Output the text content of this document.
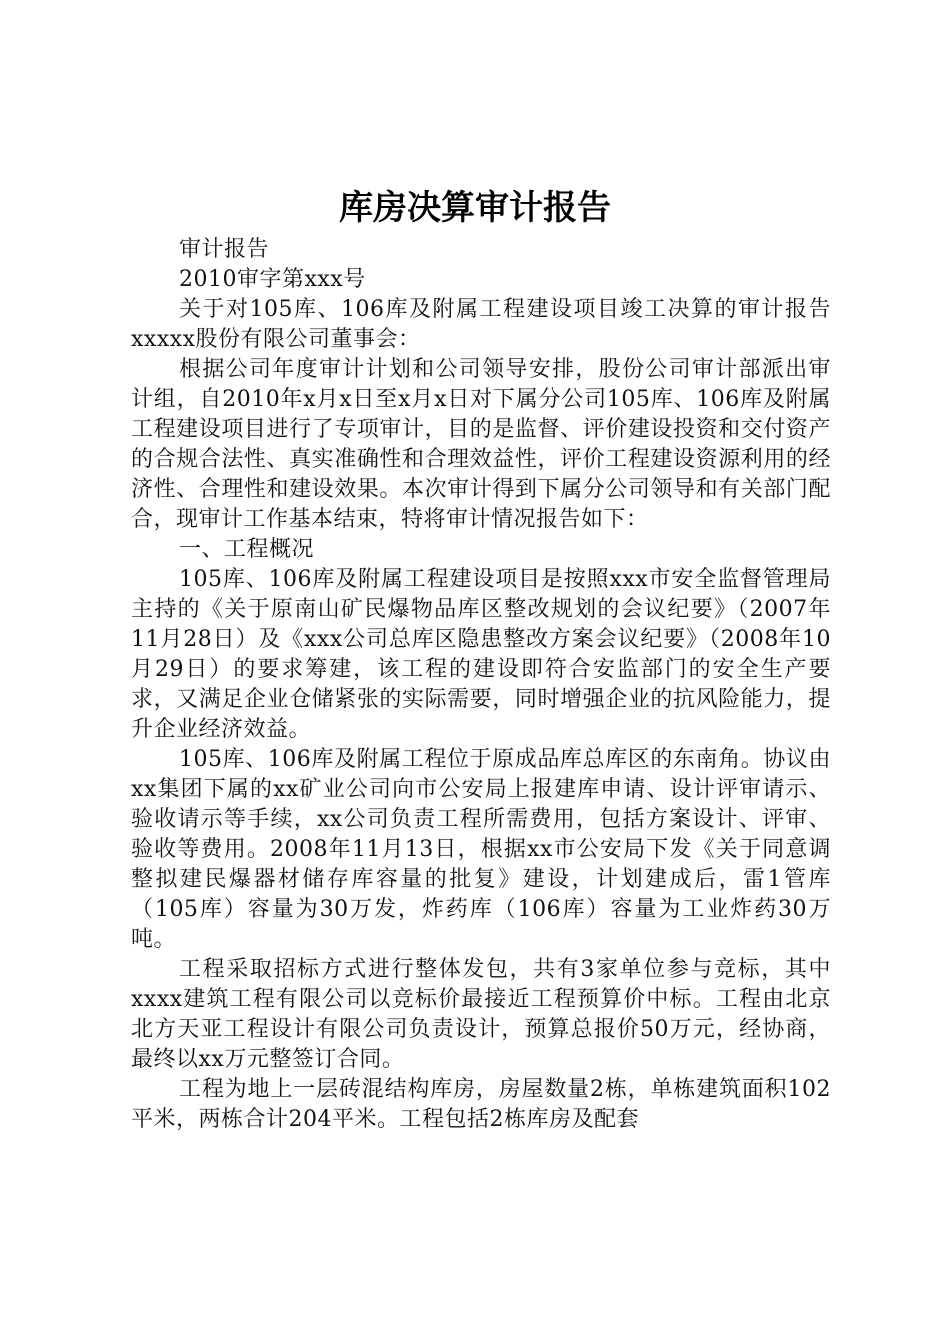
库房决算审计报告

审计报告

2010审字第xxx号

关于对105库、106库及附属工程建设项目竣工决算的审计报告xxxxx股份有限公司董事会：

根据公司年度审计计划和公司领导安排，股份公司审计部派出审计组，自2010年x月x日至x月x日对下属分公司105库、106库及附属工程建设项目进行了专项审计，目的是监督、评价建设投资和交付资产的合规合法性、真实准确性和合理效益性，评价工程建设资源利用的经济性、合理性和建设效果。本次审计得到下属分公司领导和有关部门配合，现审计工作基本结束，特将审计情况报告如下：

一、工程概况

105库、106库及附属工程建设项目是按照xxx市安全监督管理局主持的《关于原南山矿民爆物品库区整改规划的会议纪要》（2007年11月28日）及《xxx公司总库区隐患整改方案会议纪要》（2008年10月29日）的要求筹建，该工程的建设即符合安监部门的安全生产要求，又满足企业仓储紧张的实际需要，同时增强企业的抗风险能力，提升企业经济效益。

105库、106库及附属工程位于原成品库总库区的东南角。协议由xx集团下属的xx矿业公司向市公安局上报建库申请、设计评审请示、验收请示等手续，xx公司负责工程所需费用，包括方案设计、评审、验收等费用。2008年11月13日，根据xx市公安局下发《关于同意调整拟建民爆器材储存库容量的批复》建设，计划建成后，雷1管库（105库）容量为30万发，炸药库（106库）容量为工业炸药30万吨。

工程采取招标方式进行整体发包，共有3家单位参与竞标，其中xxxx建筑工程有限公司以竞标价最接近工程预算价中标。工程由北京北方天亚工程设计有限公司负责设计，预算总报价50万元，经协商，最终以xx万元整签订合同。

工程为地上一层砖混结构库房，房屋数量2栋，单栋建筑面积102平米，两栋合计204平米。工程包括2栋库房及配套
